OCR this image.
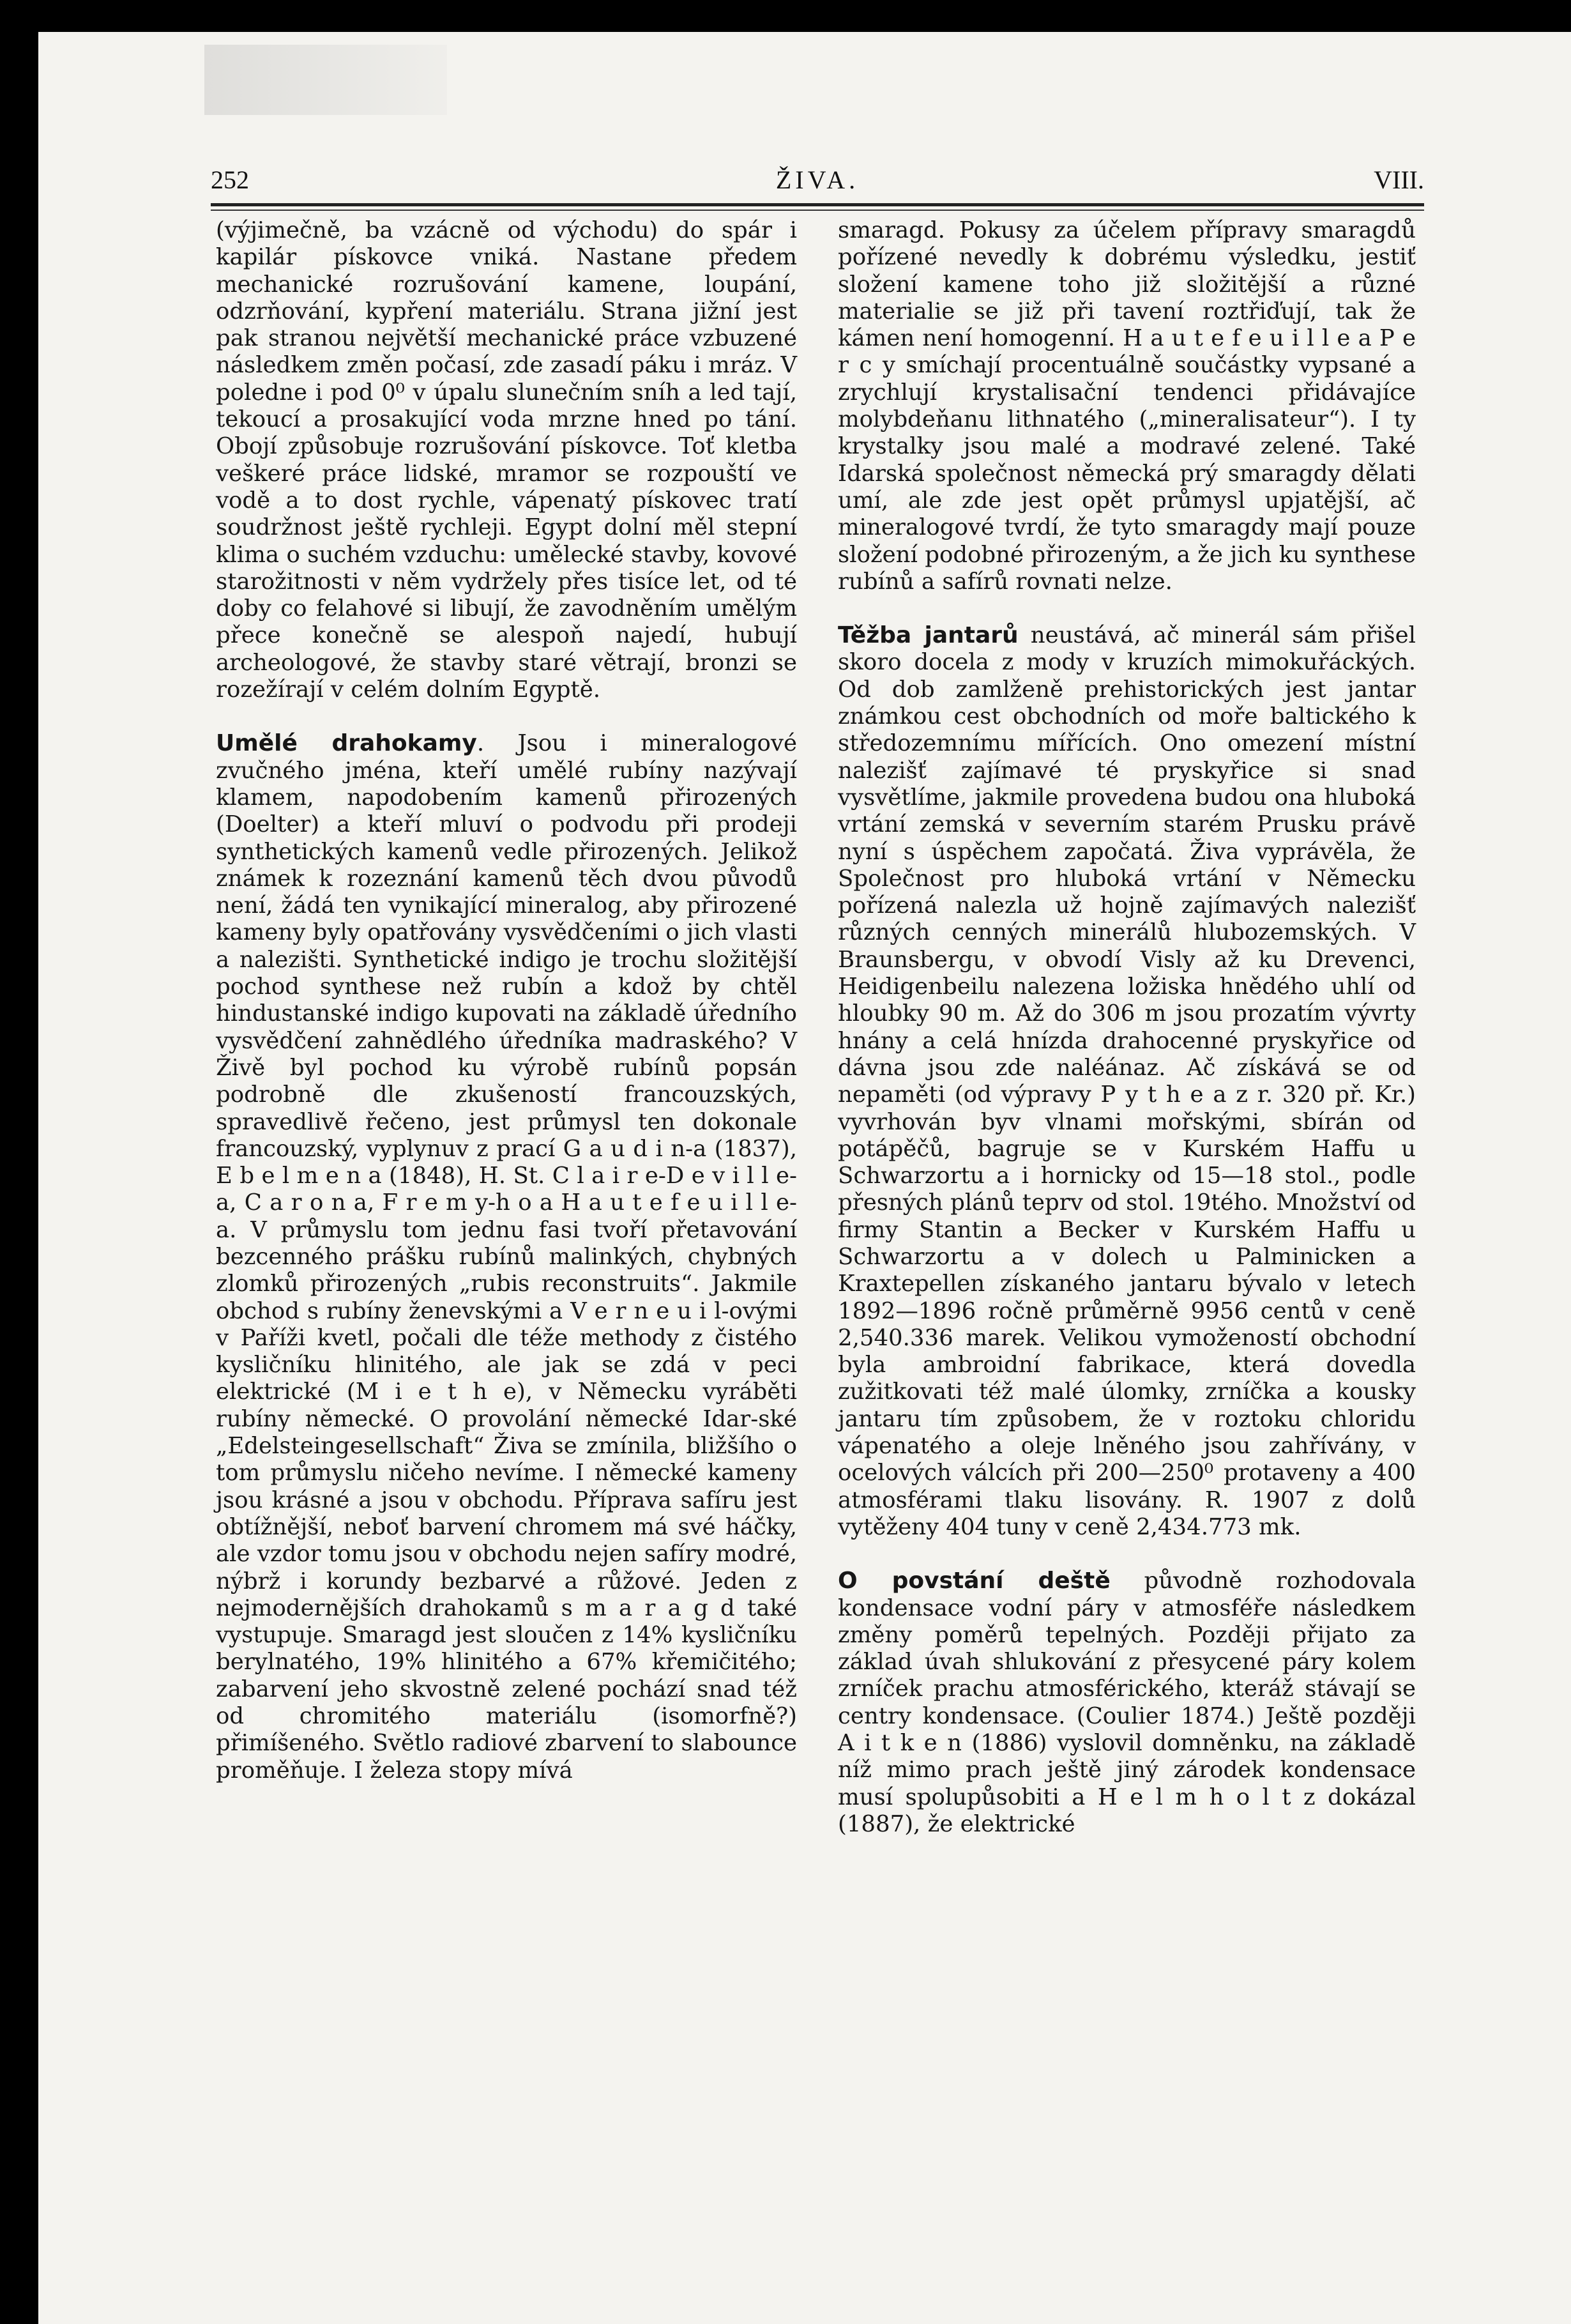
252	ŽIVA.	VIII.

(výjimečně, ba vzácně od východu) do spár i kapilár pískovce vniká. Nastane předem mechanické rozrušování kamene, loupání, odzrňování, kypření materiálu. Strana jižní jest pak stranou největší mechanické práce vzbuzené následkem změn počasí, zde zasadí páku i mráz. V poledne i pod 0⁰ v úpalu slunečním sníh a led tají, tekoucí a prosakující voda mrzne hned po tání. Obojí způsobuje rozrušování pískovce. Toť kletba veškeré práce lidské, mramor se rozpouští ve vodě a to dost rychle, vápenatý pískovec tratí soudržnost ještě rychleji. Egypt dolní měl stepní klima o suchém vzduchu: umělecké stavby, kovové starožitnosti v něm vydržely přes tisíce let, od té doby co felahové si libují, že zavodněním umělým přece konečně se alespoň najedí, hubují archeologové, že stavby staré větrají, bronzi se rozežírají v celém dolním Egyptě.

Umělé drahokamy. Jsou i mineralogové zvučného jména, kteří umělé rubíny nazývají klamem, napodobením kamenů přirozených (Doelter) a kteří mluví o podvodu při prodeji synthetických kamenů vedle přirozených. Jelikož známek k rozeznání kamenů těch dvou původů není, žádá ten vynikající mineralog, aby přirozené kameny byly opatřovány vysvědčeními o jich vlasti a nalezišti. Synthetické indigo je trochu složitější pochod synthese než rubín a kdož by chtěl hindustanské indigo kupovati na základě úředního vysvědčení zahnědlého úředníka madraského? V Živě byl pochod ku výrobě rubínů popsán podrobně dle zkušeností francouzských, spravedlivě řečeno, jest průmysl ten dokonale francouzský, vyplynuv z prací G a u d i n-a (1837), E b e l m e n a (1848), H. St. C l a i r e-D e v i l l e-a, C a r o n a, F r e m y-h o a H a u t e f e u i l l e-a. V průmyslu tom jednu fasi tvoří přetavování bezcenného prášku rubínů malinkých, chybných zlomků přirozených „rubis reconstruits“. Jakmile obchod s rubíny ženevskými a V e r n e u i l-ovými v Paříži kvetl, počali dle téže methody z čistého kysličníku hlinitého, ale jak se zdá v peci elektrické (M i e t h e), v Německu vyráběti rubíny německé. O provolání německé Idar-ské „Edelsteingesellschaft“ Živa se zmínila, bližšího o tom průmyslu ničeho nevíme. I německé kameny jsou krásné a jsou v obchodu. Příprava safíru jest obtížnější, neboť barvení chromem má své háčky, ale vzdor tomu jsou v obchodu nejen safíry modré, nýbrž i korundy bezbarvé a růžové. Jeden z nejmodernějších drahokamů s m a r a g d také vystupuje. Smaragd jest sloučen z 14% kysličníku berylnatého, 19% hlinitého a 67% křemičitého; zabarvení jeho skvostně zelené pochází snad též od chromitého materiálu (isomorfně?) přimíšeného. Světlo radiové zbarvení to slabounce proměňuje. I železa stopy mívá

smaragd. Pokusy za účelem přípravy smaragdů pořízené nevedly k dobrému výsledku, jestiť složení kamene toho již složitější a různé materialie se již při tavení roztřiďují, tak že kámen není homogenní. H a u t e f e u i l l e a P e r c y smíchají procentuálně součástky vypsané a zrychlují krystalisační tendenci přidávajíce molybdeňanu lithnatého („mineralisateur“). I ty krystalky jsou malé a modravé zelené. Také Idarská společnost německá prý smaragdy dělati umí, ale zde jest opět průmysl upjatější, ač mineralogové tvrdí, že tyto smaragdy mají pouze složení podobné přirozeným, a že jich ku synthese rubínů a safírů rovnati nelze.

Těžba jantarů neustává, ač minerál sám přišel skoro docela z mody v kruzích mimokuřáckých. Od dob zamlženě prehistorických jest jantar známkou cest obchodních od moře baltického k středozemnímu mířících. Ono omezení místní nalezišť zajímavé té pryskyřice si snad vysvětlíme, jakmile provedena budou ona hluboká vrtání zemská v severním starém Prusku právě nyní s úspěchem započatá. Živa vyprávěla, že Společnost pro hluboká vrtání v Německu pořízená nalezla už hojně zajímavých nalezišť různých cenných minerálů hlubozemských. V Braunsbergu, v obvodí Visly až ku Drevenci, Heidigenbeilu nalezena ložiska hnědého uhlí od hloubky 90 m. Až do 306 m jsou prozatím vývrty hnány a celá hnízda drahocenné pryskyřice od dávna jsou zde naléánaz. Ač získává se od nepaměti (od výpravy P y t h e a z r. 320 př. Kr.) vyvrhován byv vlnami mořskými, sbírán od potápěčů, bagruje se v Kurském Haffu u Schwarzortu a i hornicky od 15—18 stol., podle přesných plánů teprv od stol. 19tého. Množství od firmy Stantin a Becker v Kurském Haffu u Schwarzortu a v dolech u Palminicken a Kraxtepellen získaného jantaru bývalo v letech 1892—1896 ročně průměrně 9956 centů v ceně 2,540.336 marek. Velikou vymožeností obchodní byla ambroidní fabrikace, která dovedla zužitkovati též malé úlomky, zrníčka a kousky jantaru tím způsobem, že v roztoku chloridu vápenatého a oleje lněného jsou zahřívány, v ocelových válcích při 200—250⁰ protaveny a 400 atmosférami tlaku lisovány. R. 1907 z dolů vytěženy 404 tuny v ceně 2,434.773 mk.

O povstání deště původně rozhodovala kondensace vodní páry v atmosféře následkem změny poměrů tepelných. Později přijato za základ úvah shlukování z přesycené páry kolem zrníček prachu atmosférického, kteráž stávají se centry kondensace. (Coulier 1874.) Ještě později A i t k e n (1886) vyslovil domněnku, na základě níž mimo prach ještě jiný zárodek kondensace musí spolupůsobiti a H e l m h o l t z dokázal (1887), že elektrické
